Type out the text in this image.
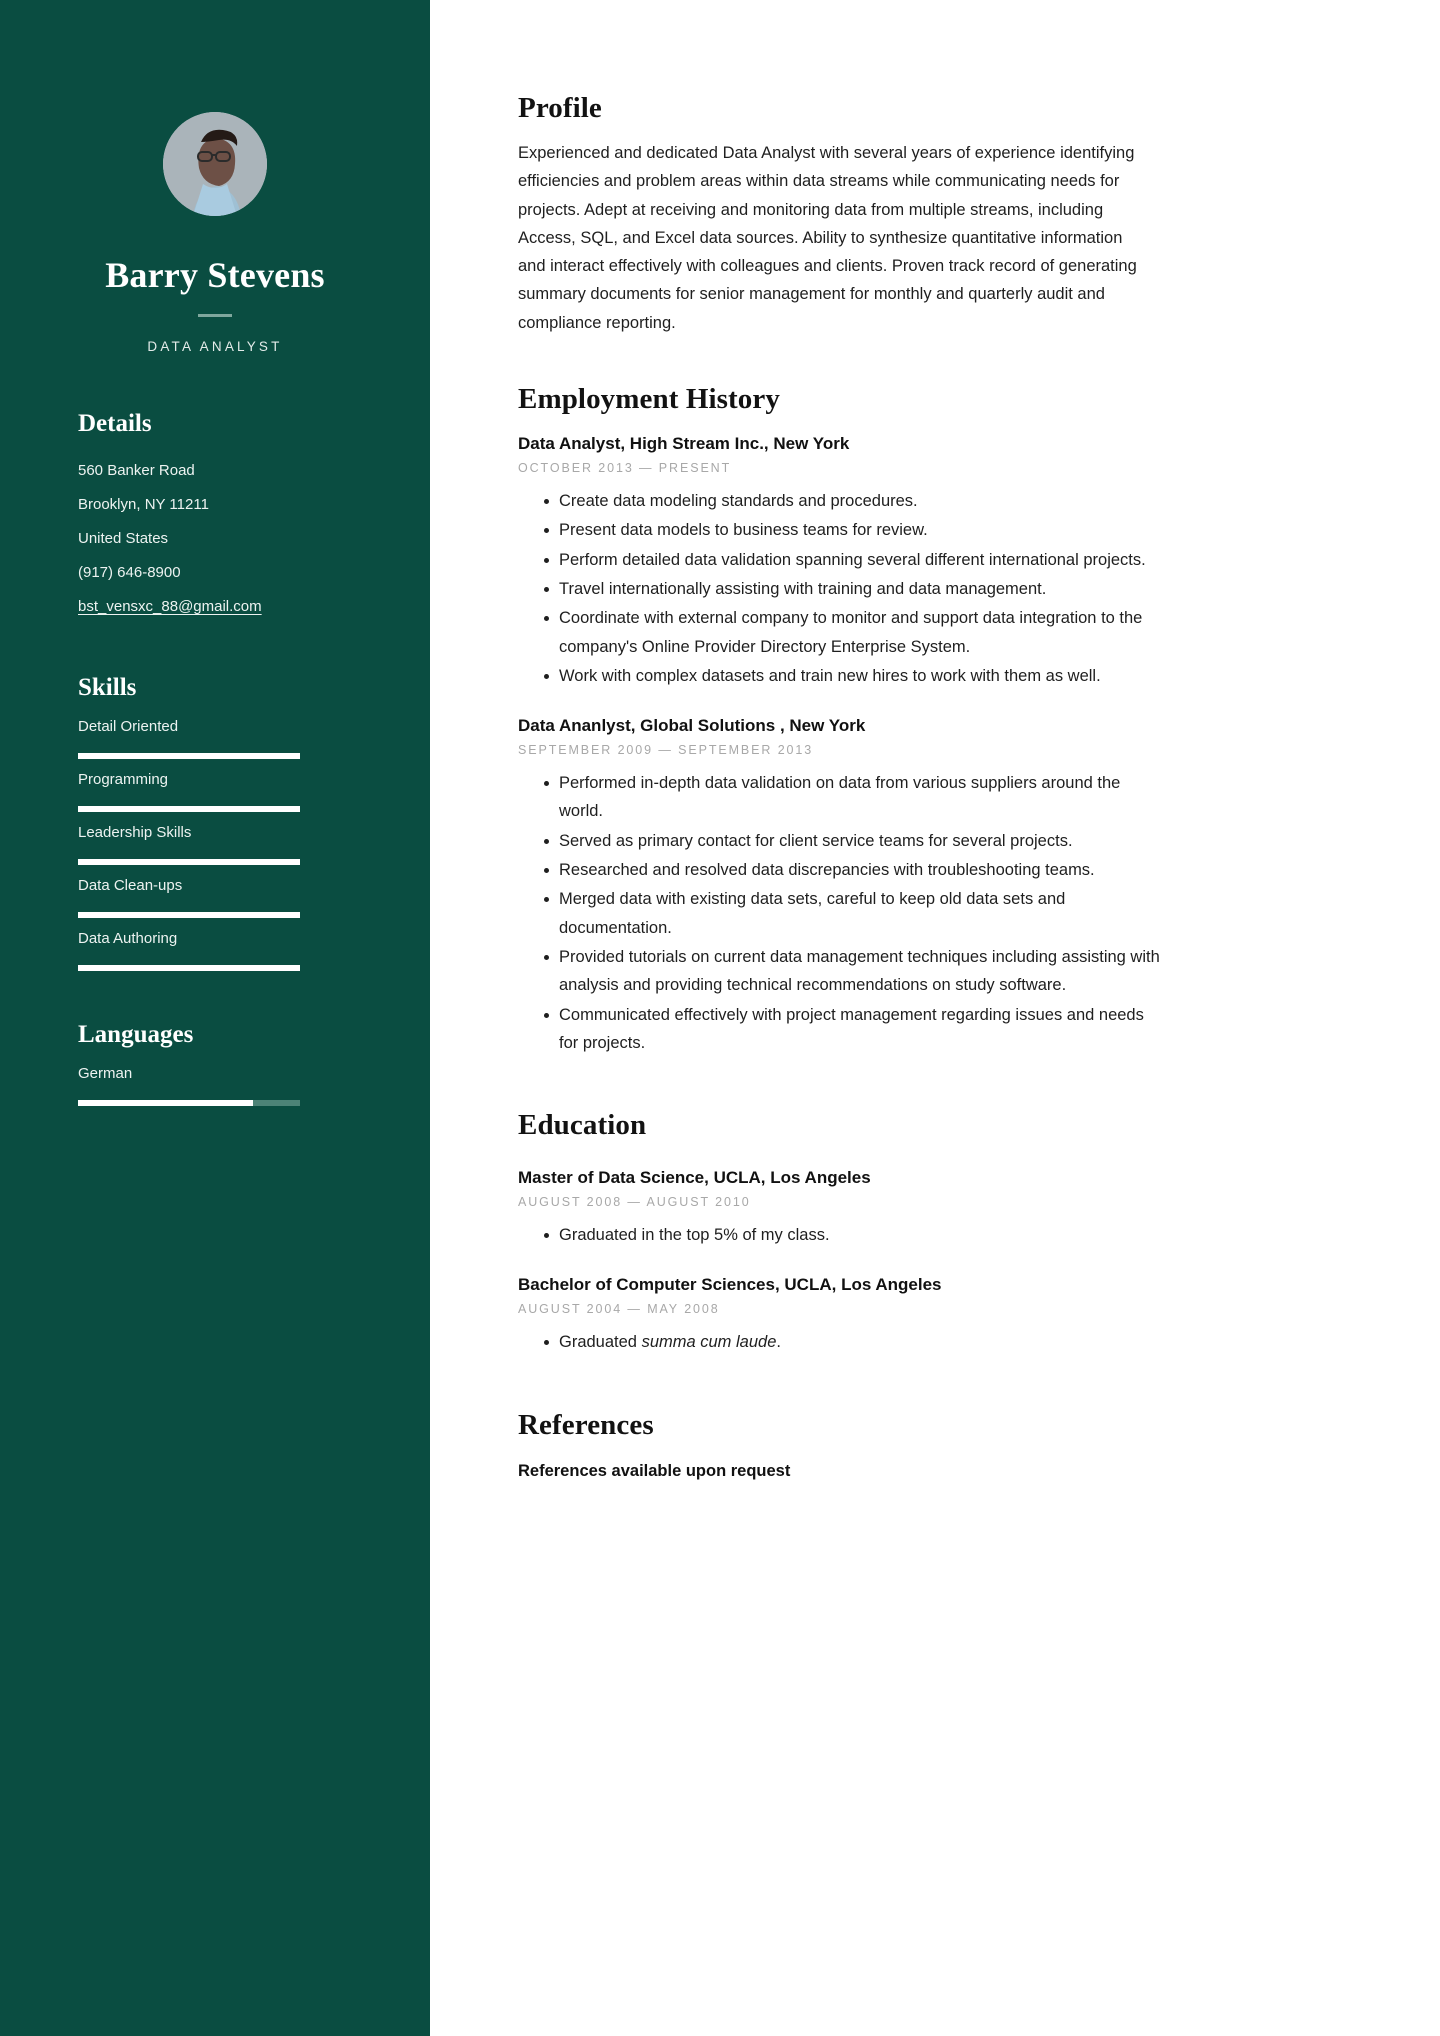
Barry Stevens
DATA ANALYST
Details
560 Banker Road
Brooklyn, NY 11211
United States
(917) 646-8900
bst_vensxc_88@gmail.com
Skills
Detail Oriented
Programming
Leadership Skills
Data Clean-ups
Data Authoring
Languages
German
Profile

Experienced and dedicated Data Analyst with several years of experience identifying efficiencies and problem areas within data streams while communicating needs for projects. Adept at receiving and monitoring data from multiple streams, including Access, SQL, and Excel data sources. Ability to synthesize quantitative information and interact effectively with colleagues and clients. Proven track record of generating summary documents for senior management for monthly and quarterly audit and compliance reporting.

Employment History
Data Analyst, High Stream Inc., New York
OCTOBER 2013 — PRESENT
Create data modeling standards and procedures.
Present data models to business teams for review.
Perform detailed data validation spanning several different international projects.
Travel internationally assisting with training and data management.
Coordinate with external company to monitor and support data integration to the company's Online Provider Directory Enterprise System.
Work with complex datasets and train new hires to work with them as well.
Data Ananlyst, Global Solutions , New York
SEPTEMBER 2009 — SEPTEMBER 2013
Performed in-depth data validation on data from various suppliers around the world.
Served as primary contact for client service teams for several projects.
Researched and resolved data discrepancies with troubleshooting teams.
Merged data with existing data sets, careful to keep old data sets and documentation.
Provided tutorials on current data management techniques including assisting with analysis and providing technical recommendations on study software.
Communicated effectively with project management regarding issues and needs for projects.
Education
Master of Data Science, UCLA, Los Angeles
AUGUST 2008 — AUGUST 2010
Graduated in the top 5% of my class.
Bachelor of Computer Sciences, UCLA, Los Angeles
AUGUST 2004 — MAY 2008
Graduated summa cum laude.
References
References available upon request
